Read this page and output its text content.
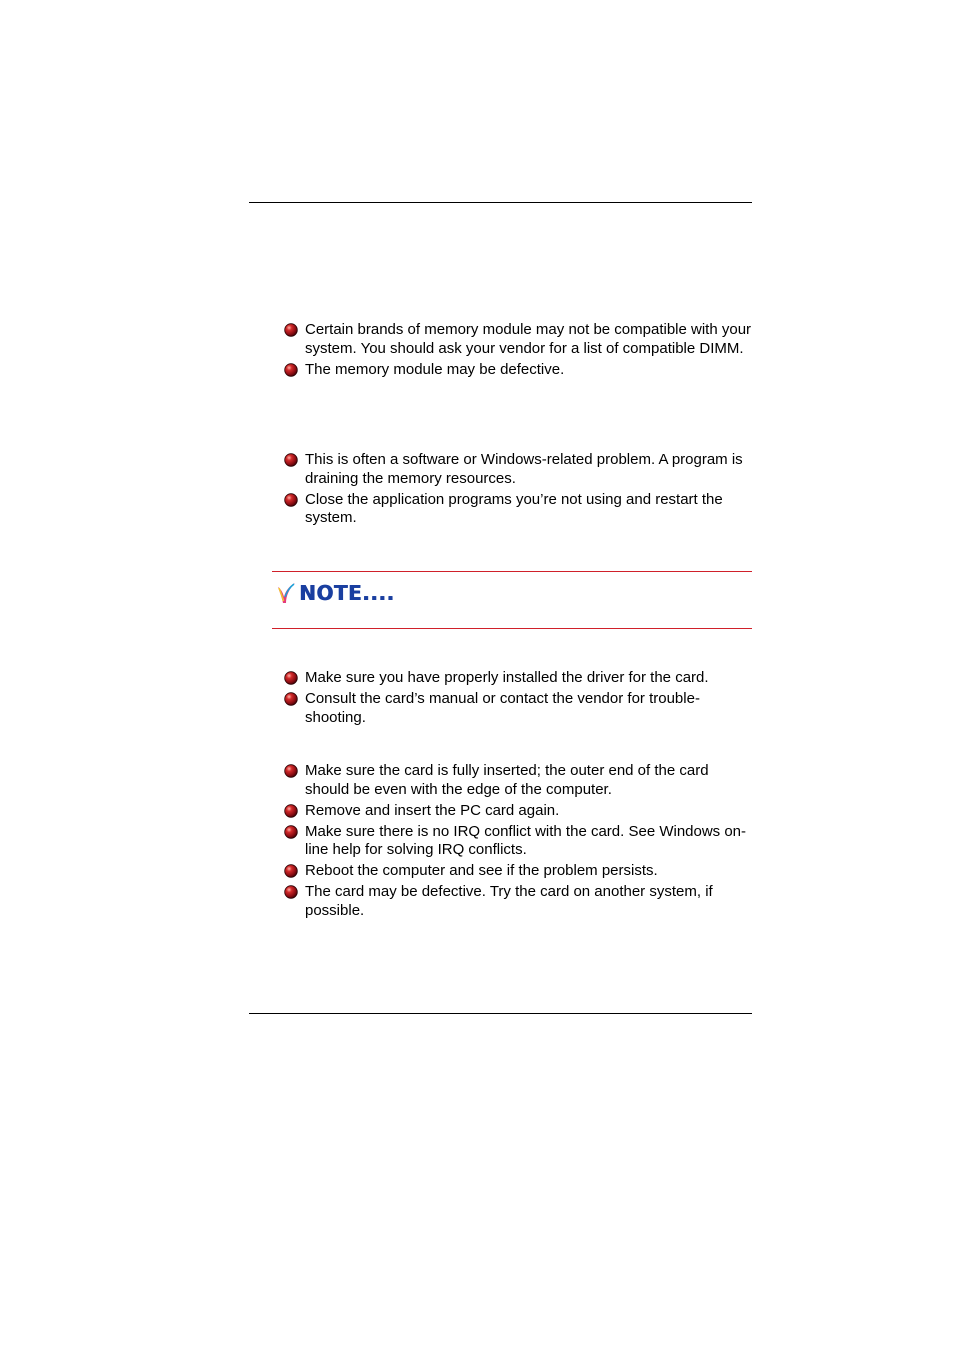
Certain brands of memory module may not be compatible with your system. You should ask your vendor for a list of compatible DIMM.
The memory module may be defective.
This is often a software or Windows-related problem. A program is draining the memory resources.
Close the application programs you’re not using and restart the system.
NOTE....
Make sure you have properly installed the driver for the card.
Consult the card’s manual or contact the vendor for trouble-shooting.
Make sure the card is fully inserted; the outer end of the card should be even with the edge of the computer.
Remove and insert the PC card again.
Make sure there is no IRQ conflict with the card. See Windows on-line help for solving IRQ conflicts.
Reboot the computer and see if the problem persists.
The card may be defective. Try the card on another system, if possible.
